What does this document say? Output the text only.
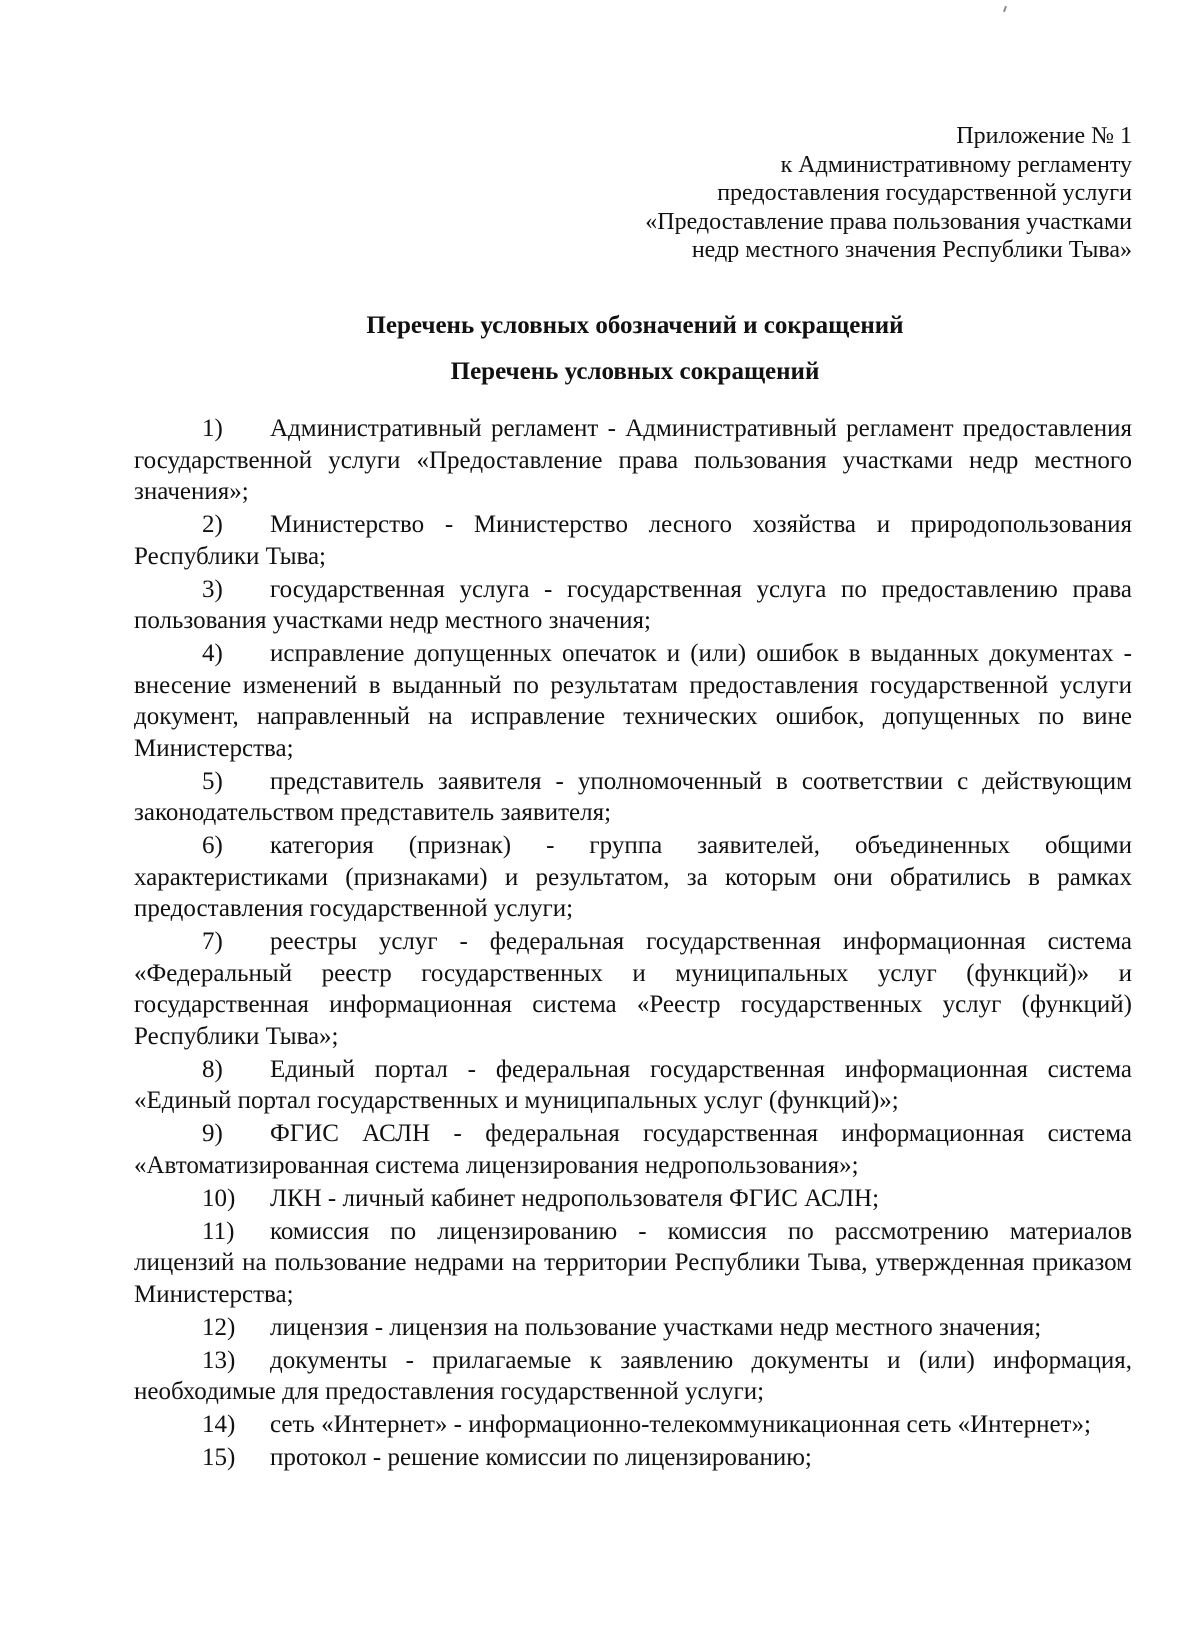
Приложение № 1
к Административному регламенту
предоставления государственной услуги
«Предоставление права пользования участками
недр местного значения Республики Тыва»
Перечень условных обозначений и сокращений
Перечень условных сокращений

1) Административный регламент - Административный регламент предоставления государственной услуги «Предоставление права пользования участками недр местного значения»;

2) Министерство - Министерство лесного хозяйства и природопользования Республики Тыва;

3) государственная услуга - государственная услуга по предоставлению права пользования участками недр местного значения;

4) исправление допущенных опечаток и (или) ошибок в выданных документах - внесение изменений в выданный по результатам предоставления государственной услуги документ, направленный на исправление технических ошибок, допущенных по вине Министерства;

5) представитель заявителя - уполномоченный в соответствии с действующим законодательством представитель заявителя;

6) категория (признак) - группа заявителей, объединенных общими характеристиками (признаками) и результатом, за которым они обратились в рамках предоставления государственной услуги;

7) реестры услуг - федеральная государственная информационная система «Федеральный реестр государственных и муниципальных услуг (функций)» и государственная информационная система «Реестр государственных услуг (функций) Республики Тыва»;

8) Единый портал - федеральная государственная информационная система «Единый портал государственных и муниципальных услуг (функций)»;

9) ФГИС АСЛН - федеральная государственная информационная система «Автоматизированная система лицензирования недропользования»;

10) ЛКН - личный кабинет недропользователя ФГИС АСЛН;

11) комиссия по лицензированию - комиссия по рассмотрению материалов лицензий на пользование недрами на территории Республики Тыва, утвержденная приказом Министерства;

12) лицензия - лицензия на пользование участками недр местного значения;

13) документы - прилагаемые к заявлению документы и (или) информация, необходимые для предоставления государственной услуги;

14) сеть «Интернет» - информационно-телекоммуникационная сеть «Интернет»;

15) протокол - решение комиссии по лицензированию;
